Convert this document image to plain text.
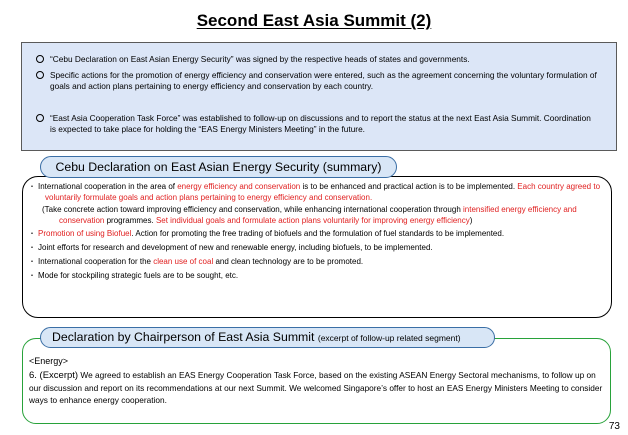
Second East Asia Summit (2)
“Cebu Declaration on East Asian Energy Security” was signed by the respective heads of states and governments.
Specific actions for the promotion of energy efficiency and conservation were entered, such as the agreement concerning the voluntary formulation of goals and action plans pertaining to energy efficiency and conservation by each country.
“East Asia Cooperation Task Force” was established to follow-up on discussions and to report the status at the next East Asia Summit. Coordination is expected to take place for holding the “EAS Energy Ministers Meeting” in the future.
Cebu Declaration on East Asian Energy Security (summary)

・ International cooperation in the area of energy efficiency and conservation is to be enhanced and practical action is to be implemented. Each country agreed to voluntarily formulate goals and action plans pertaining to energy efficiency and conservation.

(Take concrete action toward improving efficiency and conservation, while enhancing international cooperation through intensified energy efficiency and conservation programmes. Set individual goals and formulate action plans voluntarily for improving energy efficiency)

・ Promotion of using Biofuel. Action for promoting the free trading of biofuels and the formulation of fuel standards to be implemented.

・ Joint efforts for research and development of new and renewable energy, including biofuels, to be implemented.

・ International cooperation for the clean use of coal and clean technology are to be promoted.

・ Mode for stockpiling strategic fuels are to be sought, etc.

Declaration by Chairperson of East Asia Summit (excerpt of follow-up related segment)
<Energy>
6. (Excerpt) We agreed to establish an EAS Energy Cooperation Task Force, based on the existing ASEAN Energy Sectoral mechanisms, to follow up on our discussion and report on its recommendations at our next Summit. We welcomed Singapore’s offer to host an EAS Energy Ministers Meeting to consider ways to enhance energy cooperation.
73
